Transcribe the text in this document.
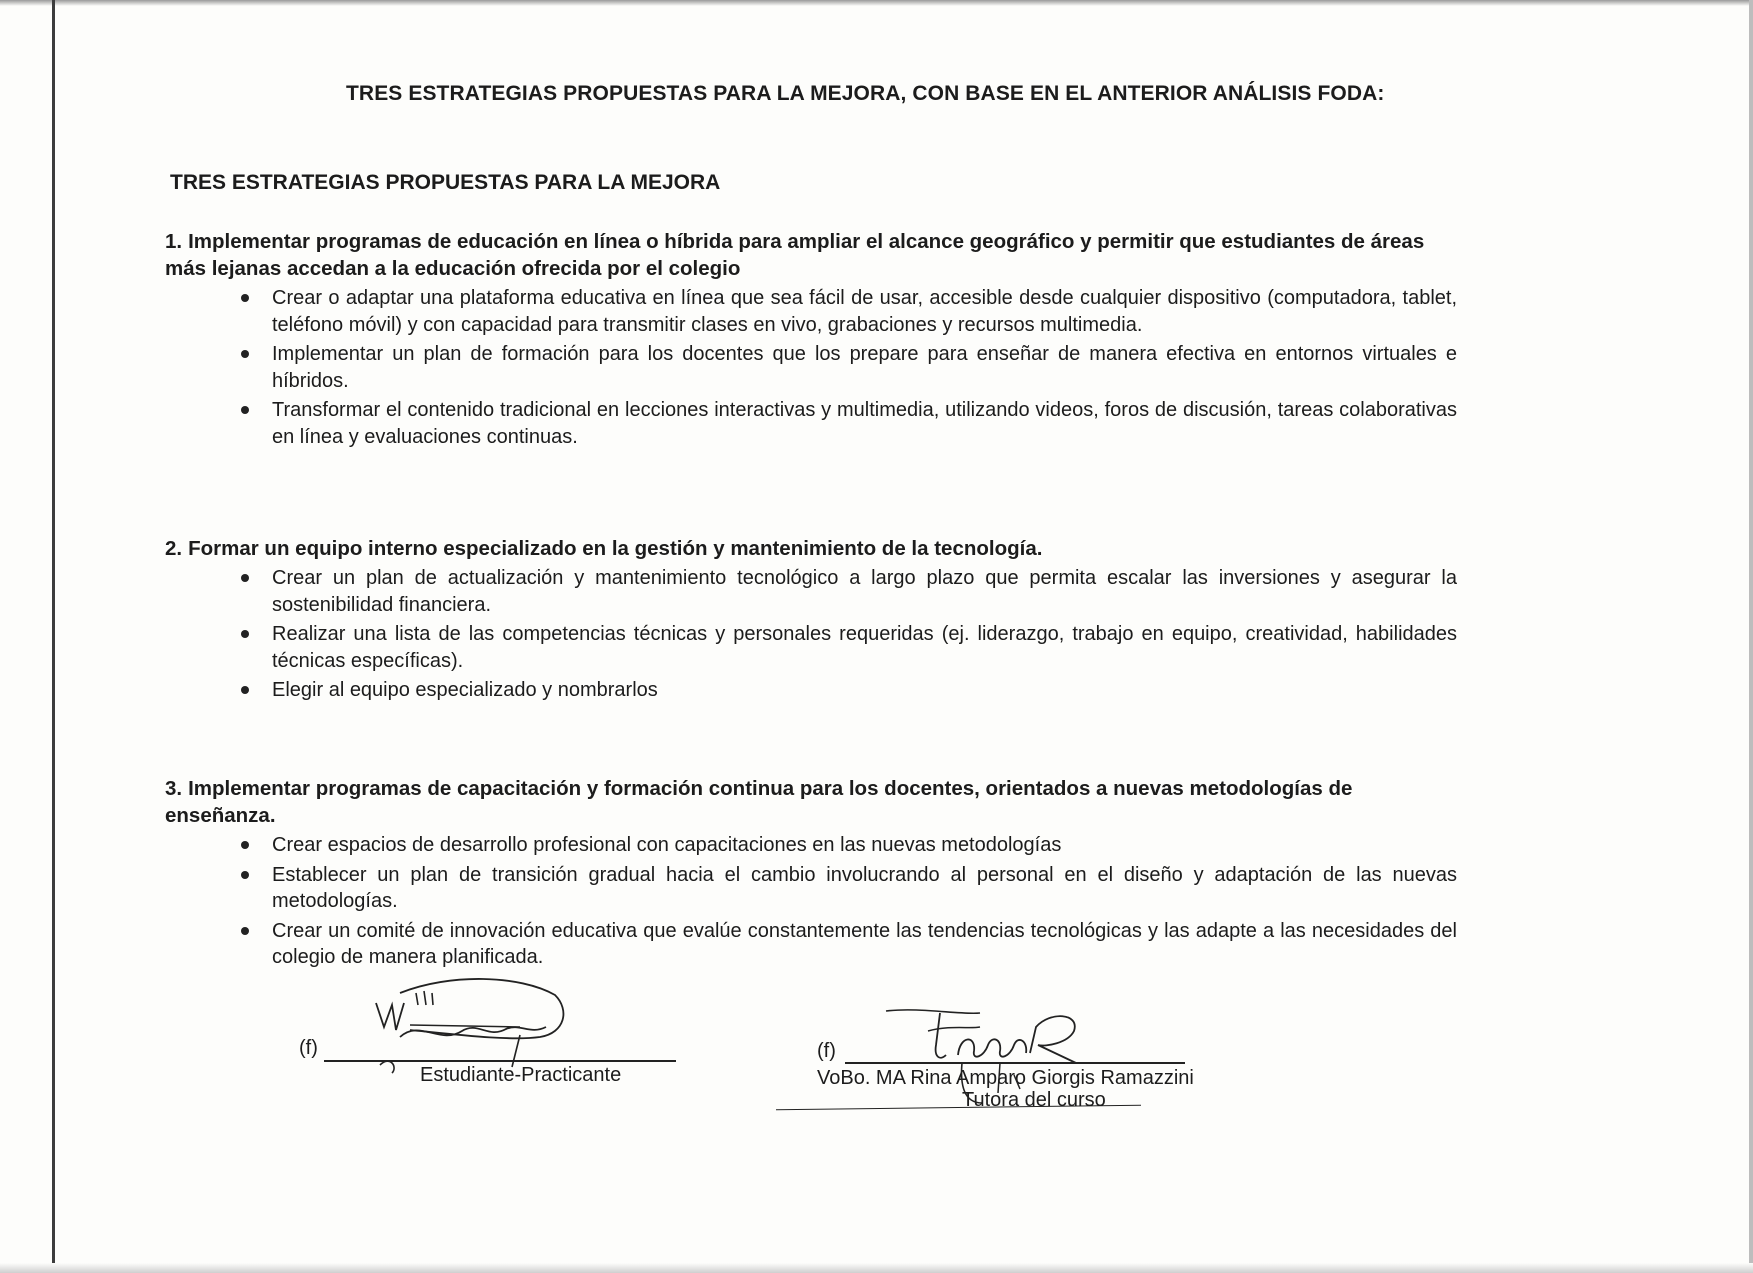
TRES ESTRATEGIAS PROPUESTAS PARA LA MEJORA, CON BASE EN EL ANTERIOR ANÁLISIS FODA:
TRES ESTRATEGIAS PROPUESTAS PARA LA MEJORA

1. Implementar programas de educación en línea o híbrida para ampliar el alcance geográfico y permitir que estudiantes de áreas más lejanas accedan a la educación ofrecida por el colegio

Crear o adaptar una plataforma educativa en línea que sea fácil de usar, accesible desde cualquier dispositivo (computadora, tablet, teléfono móvil) y con capacidad para transmitir clases en vivo, grabaciones y recursos multimedia.
Implementar un plan de formación para los docentes que los prepare para enseñar de manera efectiva en entornos virtuales e híbridos.
Transformar el contenido tradicional en lecciones interactivas y multimedia, utilizando videos, foros de discusión, tareas colaborativas en línea y evaluaciones continuas.

2. Formar un equipo interno especializado en la gestión y mantenimiento de la tecnología.

Crear un plan de actualización y mantenimiento tecnológico a largo plazo que permita escalar las inversiones y asegurar la sostenibilidad financiera.
Realizar una lista de las competencias técnicas y personales requeridas (ej. liderazgo, trabajo en equipo, creatividad, habilidades técnicas específicas).
Elegir al equipo especializado y nombrarlos

3. Implementar programas de capacitación y formación continua para los docentes, orientados a nuevas metodologías de enseñanza.

Crear espacios de desarrollo profesional con capacitaciones en las nuevas metodologías
Establecer un plan de transición gradual hacia el cambio involucrando al personal en el diseño y adaptación de las nuevas metodologías.
Crear un comité de innovación educativa que evalúe constantemente las tendencias tecnológicas y las adapte a las necesidades del colegio de manera planificada.
(f)
Estudiante-Practicante
(f)
VoBo. MA Rina Amparo Giorgis Ramazzini
Tutora del curso
